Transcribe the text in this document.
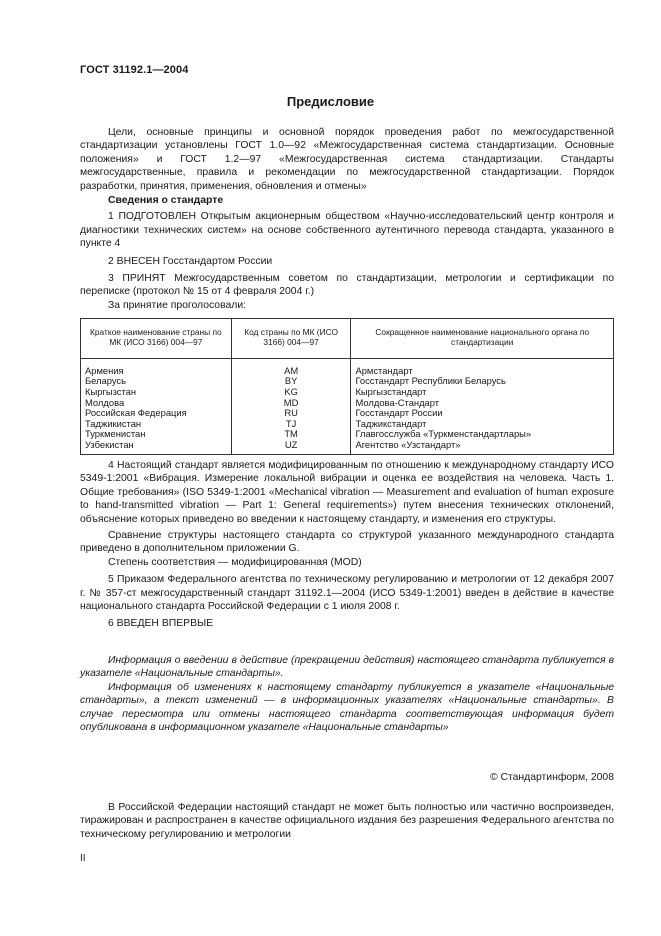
ГОСТ 31192.1—2004
Предисловие

Цели, основные принципы и основной порядок проведения работ по межгосударственной стандартизации установлены ГОСТ 1.0—92 «Межгосударственная система стандартизации. Основные положения» и ГОСТ 1.2—97 «Межгосударственная система стандартизации. Стандарты межгосударственные, правила и рекомендации по межгосударственной стандартизации. Порядок разработки, принятия, применения, обновления и отмены»

Сведения о стандарте

1 ПОДГОТОВЛЕН Открытым акционерным обществом «Научно-исследовательский центр контроля и диагностики технических систем» на основе собственного аутентичного перевода стандарта, указанного в пункте 4

2 ВНЕСЕН Госстандартом России

3 ПРИНЯТ Межгосударственным советом по стандартизации, метрологии и сертификации по переписке (протокол № 15 от 4 февраля 2004 г.)

За принятие проголосовали:

Краткое наименование страны по МК (ИСО 3166) 004—97	Код страны по МК (ИСО 3166) 004—97	Сокращенное наименование национального органа по стандартизации
Армения	AM	Армстандарт
Беларусь	BY	Госстандарт Республики Беларусь
Кыргызстан	KG	Кыргызстандарт
Молдова	MD	Молдова-Стандарт
Российская Федерация	RU	Госстандарт России
Таджикистан	TJ	Таджикстандарт
Туркменистан	TM	Главгосслужба «Туркменстандартлары»
Узбекистан	UZ	Агентство «Узстандарт»

4 Настоящий стандарт является модифицированным по отношению к международному стандарту ИСО 5349-1:2001 «Вибрация. Измерение локальной вибрации и оценка ее воздействия на человека. Часть 1. Общие требования» (ISO 5349-1:2001 «Mechanical vibration — Measurement and evaluation of human exposure to hand-transmitted vibration — Part 1: General requirements») путем внесения технических отклонений, объяснение которых приведено во введении к настоящему стандарту, и изменения его структуры.

Сравнение структуры настоящего стандарта со структурой указанного международного стандарта приведено в дополнительном приложении G.

Степень соответствия — модифицированная (MOD)

5 Приказом Федерального агентства по техническому регулированию и метрологии от 12 декабря 2007 г. № 357-ст межгосударственный стандарт 31192.1—2004 (ИСО 5349-1:2001) введен в действие в качестве национального стандарта Российской Федерации с 1 июля 2008 г.

6 ВВЕДЕН ВПЕРВЫЕ

Информация о введении в действие (прекращении действия) настоящего стандарта публикуется в указателе «Национальные стандарты».

Информация об изменениях к настоящему стандарту публикуется в указателе «Национальные стандарты», а текст изменений — в информационных указателях «Национальные стандарты». В случае пересмотра или отмены настоящего стандарта соответствующая информация будет опубликована в информационном указателе «Национальные стандарты»

© Стандартинформ, 2008

В Российской Федерации настоящий стандарт не может быть полностью или частично воспроизведен, тиражирован и распространен в качестве официального издания без разрешения Федерального агентства по техническому регулированию и метрологии

II
